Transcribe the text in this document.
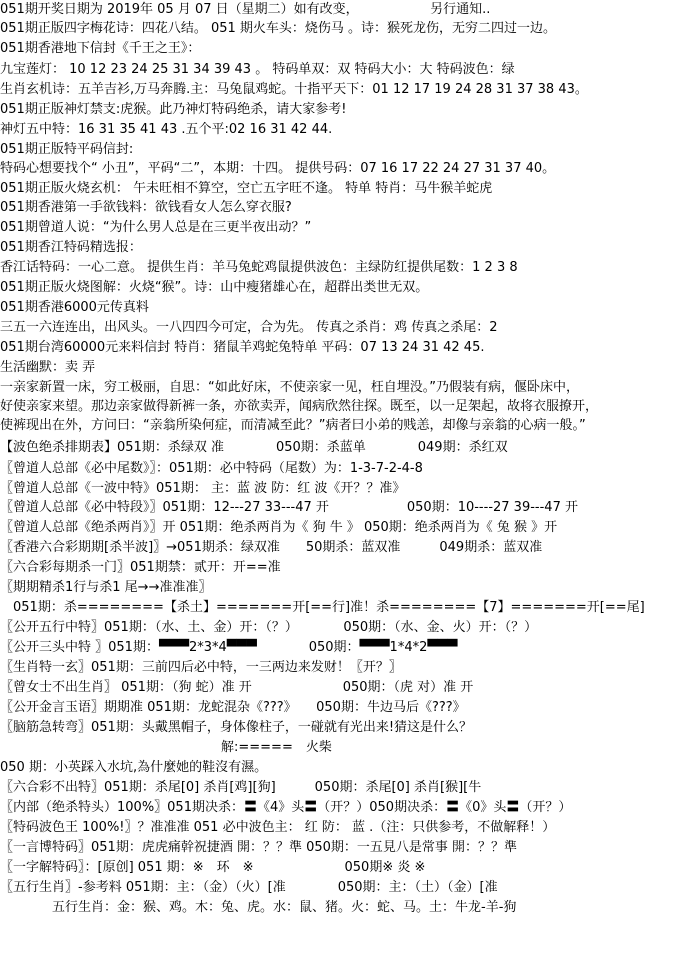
051期开奖日期为 2019年 05 月 07 日（星期二）如有改变，　　　　　　另行通知..
051期正版四字梅花诗：四花八结。 051 期火车头：烧伤马 。诗：猴死龙伤，无穷二四过一边。
051期香港地下信封《千王之王》：
九宝莲灯： 10 12 23 24 25 31 34 39 43 。 特码单双：双 特码大小：大 特码波色：绿
生肖玄机诗：五羊吉衫,万马奔腾.主：马兔鼠鸡蛇。十指平天下：01 12 17 19 24 28 31 37 38 43。
051期正版神灯禁支:虎猴。此乃神灯特码绝杀，请大家参考!
神灯五中特：16 31 35 41 43 .五个平:02 16 31 42 44.
051期正版特平码信封:
特码心想要找个“ 小丑”，平码“二”，本期：十四。 提供号码：07 16 17 22 24 27 31 37 40。
051期正版火烧玄机： 午未旺相不算空，空亡五字旺不逢。 特单 特肖：马牛猴羊蛇虎
051期香港第一手欲钱料：欲钱看女人怎么穿衣服?
051期曾道人说：“为什么男人总是在三更半夜出动？”
051期香江特码精选报：
香江话特码：一心二意。 提供生肖：羊马兔蛇鸡鼠提供波色：主绿防红提供尾数：1 2 3 8
051期正版火烧图解：火烧“猴”。诗：山中瘦猪雄心在，超群出类世无双。
051期香港6000元传真料
三五一六连连出，出风头。一八四四今可定，合为先。 传真之杀肖：鸡 传真之杀尾：2
051期台湾60000元来料信封 特肖：猪鼠羊鸡蛇兔特单 平码：07 13 24 31 42 45.
生活幽默：卖 弄
一亲家新置一床，穷工极丽，自思：“如此好床，不使亲家一见，枉自埋没。”乃假装有病，偃卧床中，
好使亲家来望。那边亲家做得新裤一条，亦欲卖弄，闻病欣然往探。既至，以一足架起，故将衣服撩开，
使裤现出在外，方问曰：“亲翁所染何症，而清减至此？”病者曰小弟的贱恙，却像与亲翁的心病一般。”
【波色绝杀排期表】051期：杀绿双 准　　　　050期：杀蓝单　　　　049期：杀红双
〖曾道人总部《必中尾数》〗：051期：必中特码（尾数）为：1-3-7-2-4-8
〖曾道人总部《一波中特》051期： 主：蓝 波 防：红 波《开？？准》
〖曾道人总部《必中特段》〗051期：12---27 33---47 开　　　　　　050期：10----27 39---47 开
〖曾道人总部《绝杀两肖》〗开 051期：绝杀两肖为《 狗 牛 》 050期：绝杀两肖为《 兔 猴 》开
〖香港六合彩期期[杀半波]〗→051期杀：绿双准　　50期杀：蓝双准　　　049期杀：蓝双准
〖六合彩每期杀一门〗051期禁：贰开：开==准
〖期期精杀1行与杀1 尾→→准准准〗
　051期：杀========【杀土】=======开[==行]准！杀========【7】=======开[==尾]
〖公开五行中特〗051期：（水、土、金）开：（？）　　　　050期：（水、金、火）开：（？）
〖公开三头中特 〗051期：▀▀▀2*3*4▀▀▀　　　　050期：▀▀▀1*4*2▀▀▀
〖生肖特一玄〗051期：三前四后必中特，一三两边来发财！〖开？〗
〖曾女士不出生肖〗 051期：（狗 蛇）准 开　　　　　　　050期：（虎 对）准 开
〖公开金言玉语〗期期准 051期：龙蛇混杂《???》　　050期：牛边马后《???》
〖脑筋急转弯〗051期：头戴黑帽子，身体像柱子，一碰就有光出来!猜这是什么？
　　　　　　　　　　　　　　　　　解:=====　火柴
050 期：小英踩入水坑,為什麼她的鞋沒有濕。
〖六合彩不出特〗051期：杀尾[0] 杀肖[鸡][狗]　　　050期：杀尾[0] 杀肖[猴][牛
〖内部（绝杀特头）100%〗051期决杀：〓《4》头〓（开？）050期决杀：〓《0》头〓（开？）
〖特码波色王 100%!〗？准准准 051 必中波色主： 红 防： 蓝 .（注：只供参考，不做解释！）
〖一言博特码〗051期：虎虎痛幹祝捷酒 開：？？準 050期：一五見八是常事 開：？？準
〖一字解特码〗：[原创] 051 期：※　环　※　　　　　　　050期※ 炎 ※
〖五行生肖〗-参考料 051期：主：（金）（火）[准　　　　050期：主：（土）（金）[准
　　　　五行生肖：金：猴、鸡。木：兔、虎。水：鼠、猪。火：蛇、马。土：牛龙-羊-狗
